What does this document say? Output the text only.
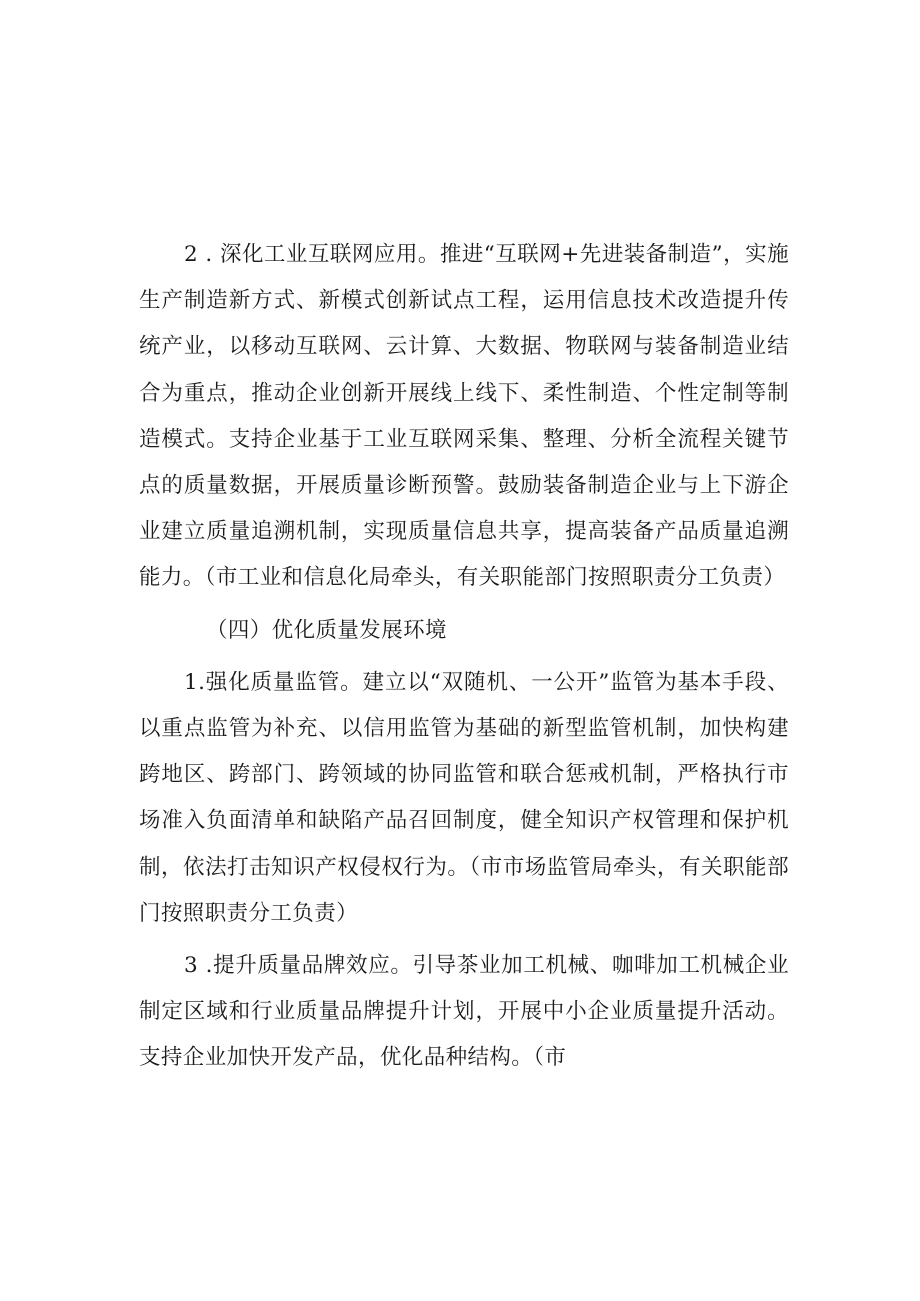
2 . 深化工业互联网应用。推进“互联网+先进装备制造”，实施生产制造新方式、新模式创新试点工程，运用信息技术改造提升传统产业，以移动互联网、云计算、大数据、物联网与装备制造业结合为重点，推动企业创新开展线上线下、柔性制造、个性定制等制造模式。支持企业基于工业互联网采集、整理、分析全流程关键节点的质量数据，开展质量诊断预警。鼓励装备制造企业与上下游企业建立质量追溯机制，实现质量信息共享，提高装备产品质量追溯能力。（市工业和信息化局牵头，有关职能部门按照职责分工负责）

（四）优化质量发展环境

1.强化质量监管。建立以“双随机、一公开”监管为基本手段、以重点监管为补充、以信用监管为基础的新型监管机制，加快构建跨地区、跨部门、跨领域的协同监管和联合惩戒机制，严格执行市场准入负面清单和缺陷产品召回制度，健全知识产权管理和保护机制，依法打击知识产权侵权行为。（市市场监管局牵头，有关职能部门按照职责分工负责）

3 .提升质量品牌效应。引导茶业加工机械、咖啡加工机械企业制定区域和行业质量品牌提升计划，开展中小企业质量提升活动。支持企业加快开发产品，优化品种结构。（市
